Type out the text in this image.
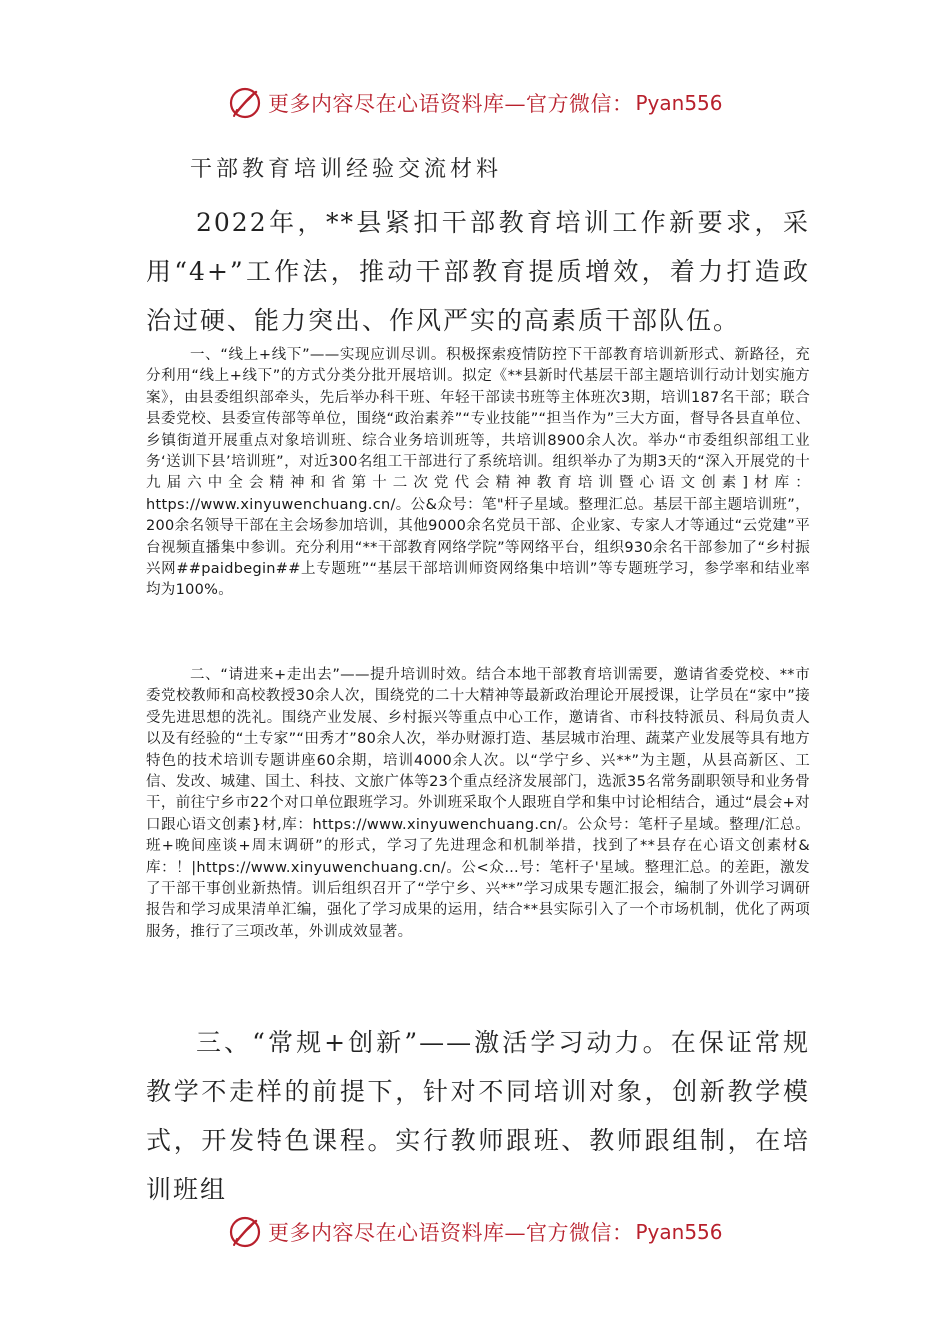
更多内容尽在心语资料库—官方微信： Pyan556
干部教育培训经验交流材料

2022年，**县紧扣干部教育培训工作新要求，采用“4+”工作法，推动干部教育提质增效，着力打造政治过硬、能力突出、作风严实的高素质干部队伍。

一、“线上+线下”——实现应训尽训。积极探索疫情防控下干部教育培训新形式、新路径，充分利用“线上+线下”的方式分类分批开展培训。拟定《**县新时代基层干部主题培训行动计划实施方案》，由县委组织部牵头，先后举办科干班、年轻干部读书班等主体班次3期，培训187名干部；联合县委党校、县委宣传部等单位，围绕“政治素养”“专业技能”“担当作为”三大方面，督导各县直单位、乡镇街道开展重点对象培训班、综合业务培训班等，共培训8900余人次。举办“市委组织部组工业务‘送训下县’培训班”，对近300名组工干部进行了系统培训。组织举办了为期3天的“深入开展党的十九届六中全会精神和省第十二次党代会精神教育培训暨心语文创素]材库：https://www.xinyuwenchuang.cn/。公&众号：笔"杆子星域。整理汇总。基层干部主题培训班”，200余名领导干部在主会场参加培训，其他9000余名党员干部、企业家、专家人才等通过“云党建”平台视频直播集中参训。充分利用“**干部教育网络学院”等网络平台，组织930余名干部参加了“乡村振兴网##paidbegin##上专题班”“基层干部培训师资网络集中培训”等专题班学习，参学率和结业率均为100%。

二、“请进来+走出去”——提升培训时效。结合本地干部教育培训需要，邀请省委党校、**市委党校教师和高校教授30余人次，围绕党的二十大精神等最新政治理论开展授课，让学员在“家中”接受先进思想的洗礼。围绕产业发展、乡村振兴等重点中心工作，邀请省、市科技特派员、科局负责人以及有经验的“土专家”“田秀才”80余人次，举办财源打造、基层城市治理、蔬菜产业发展等具有地方特色的技术培训专题讲座60余期，培训4000余人次。以“学宁乡、兴**”为主题，从县高新区、工信、发改、城建、国土、科技、文旅广体等23个重点经济发展部门，选派35名常务副职领导和业务骨干，前往宁乡市22个对口单位跟班学习。外训班采取个人跟班自学和集中讨论相结合，通过“晨会+对口跟心语文创素}材,库：https://www.xinyuwenchuang.cn/。公众号：笔杆子星域。整理/汇总。班+晚间座谈+周末调研”的形式，学习了先进理念和机制举措，找到了**县存在心语文创素材&库：！|https://www.xinyuwenchuang.cn/。公<众…号：笔杆子'星域。整理汇总。的差距，激发了干部干事创业新热情。训后组织召开了“学宁乡、兴**”学习成果专题汇报会，编制了外训学习调研报告和学习成果清单汇编，强化了学习成果的运用，结合**县实际引入了一个市场机制，优化了两项服务，推行了三项改革，外训成效显著。

三、“常规+创新”——激活学习动力。在保证常规教学不走样的前提下，针对不同培训对象，创新教学模式，开发特色课程。实行教师跟班、教师跟组制，在培训班组

更多内容尽在心语资料库—官方微信： Pyan556
